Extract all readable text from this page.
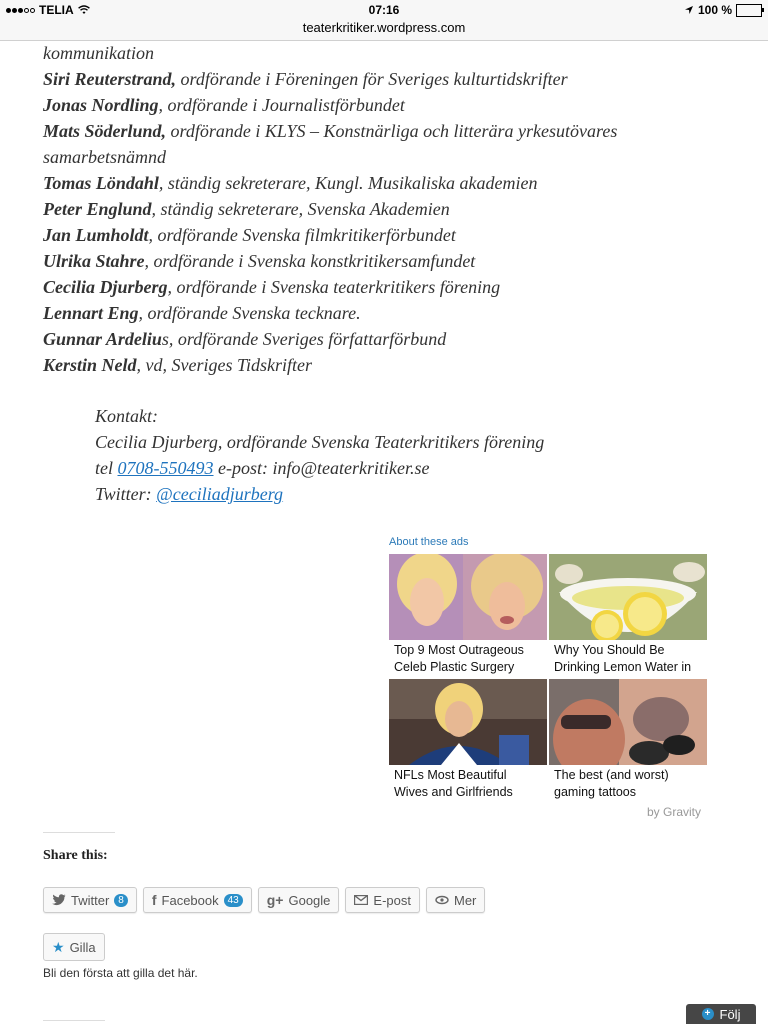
TELIA	07:16	100 %
teaterkritiker.wordpress.com

kommunikation

Siri Reuterstrand, ordförande i Föreningen för Sveriges kulturtidskrifter

Jonas Nordling, ordförande i Journalistförbundet

Mats Söderlund, ordförande i KLYS – Konstnärliga och litterära yrkesutövares samarbetsnämnd

Tomas Löndahl, ständig sekreterare, Kungl. Musikaliska akademien

Peter Englund, ständig sekreterare, Svenska Akademien

Jan Lumholdt, ordförande Svenska filmkritikerförbundet

Ulrika Stahre, ordförande i Svenska konstkritikersamfundet

Cecilia Djurberg, ordförande i Svenska teaterkritikers förening

Lennart Eng, ordförande Svenska tecknare.

Gunnar Ardelius, ordförande Sveriges författarförbund

Kerstin Neld, vd, Sveriges Tidskrifter

Kontakt:

Cecilia Djurberg, ordförande Svenska Teaterkritikers förening

tel 0708-550493 e-post: info@teaterkritiker.se

Twitter: @ceciliadjurberg

About these ads
Top 9 Most Outrageous Celeb Plastic Surgery
Why You Should Be Drinking Lemon Water in
NFLs Most Beautiful Wives and Girlfriends
The best (and worst) gaming tattoos
by Gravity
Share this:
Twitter 8 f Facebook 43 g+ Google	E-post	Mer
★ Gilla
Bli den första att gilla det här.
+ Följ
